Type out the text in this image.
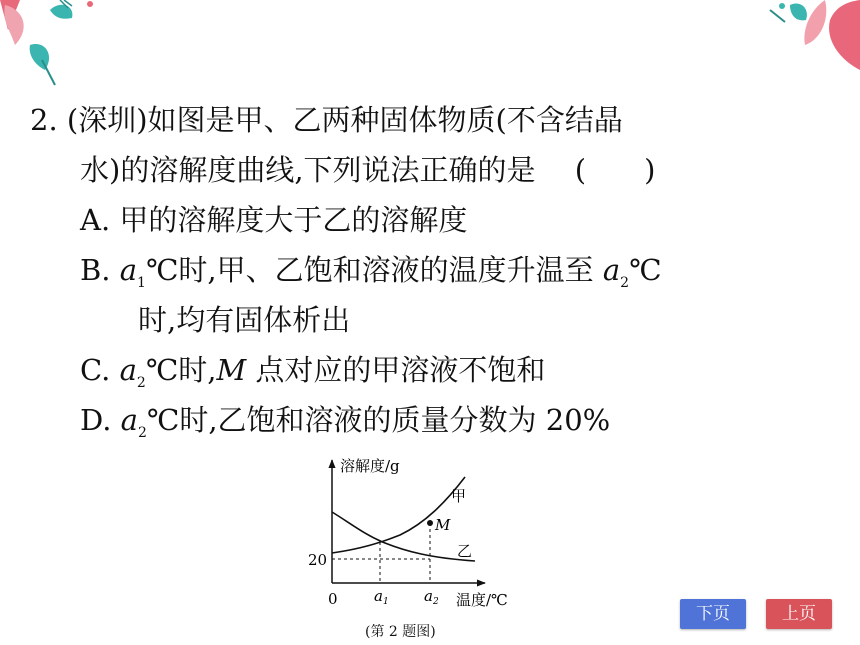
2. (深圳)如图是甲、乙两种固体物质(不含结晶
水)的溶解度曲线,下列说法正确的是 (　　)
A. 甲的溶解度大于乙的溶解度
B. $a_1℃$时,甲、乙饱和溶液的温度升温至 $a_2℃$
时,均有固体析出
C. $a_2℃$时,M 点对应的甲溶液不饱和
D. $a_2℃$时,乙饱和溶液的质量分数为 20%
溶解度/g
温度/℃
0
20
$a_1$ $a_2$
甲
乙
M
(第 2 题图)
下页	上页
